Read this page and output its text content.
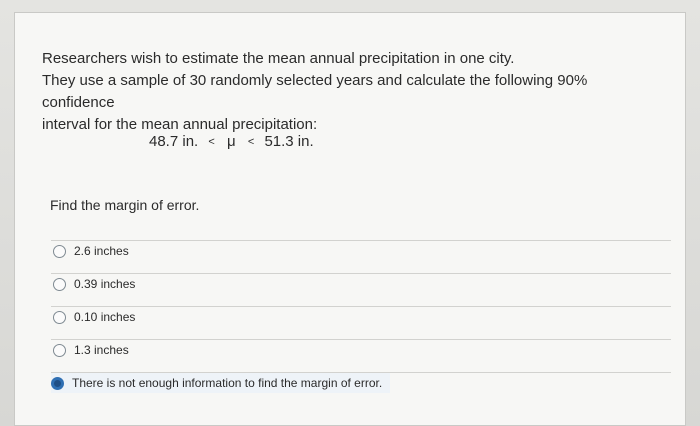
Researchers wish to estimate the mean annual precipitation in one city.

They use a sample of 30 randomly selected years and calculate the following 90% confidence

interval for the mean annual precipitation:

48.7 in. < μ < 51.3 in.
Find the margin of error.
2.6 inches
0.39 inches
0.10 inches
1.3 inches
There is not enough information to find the margin of error.
